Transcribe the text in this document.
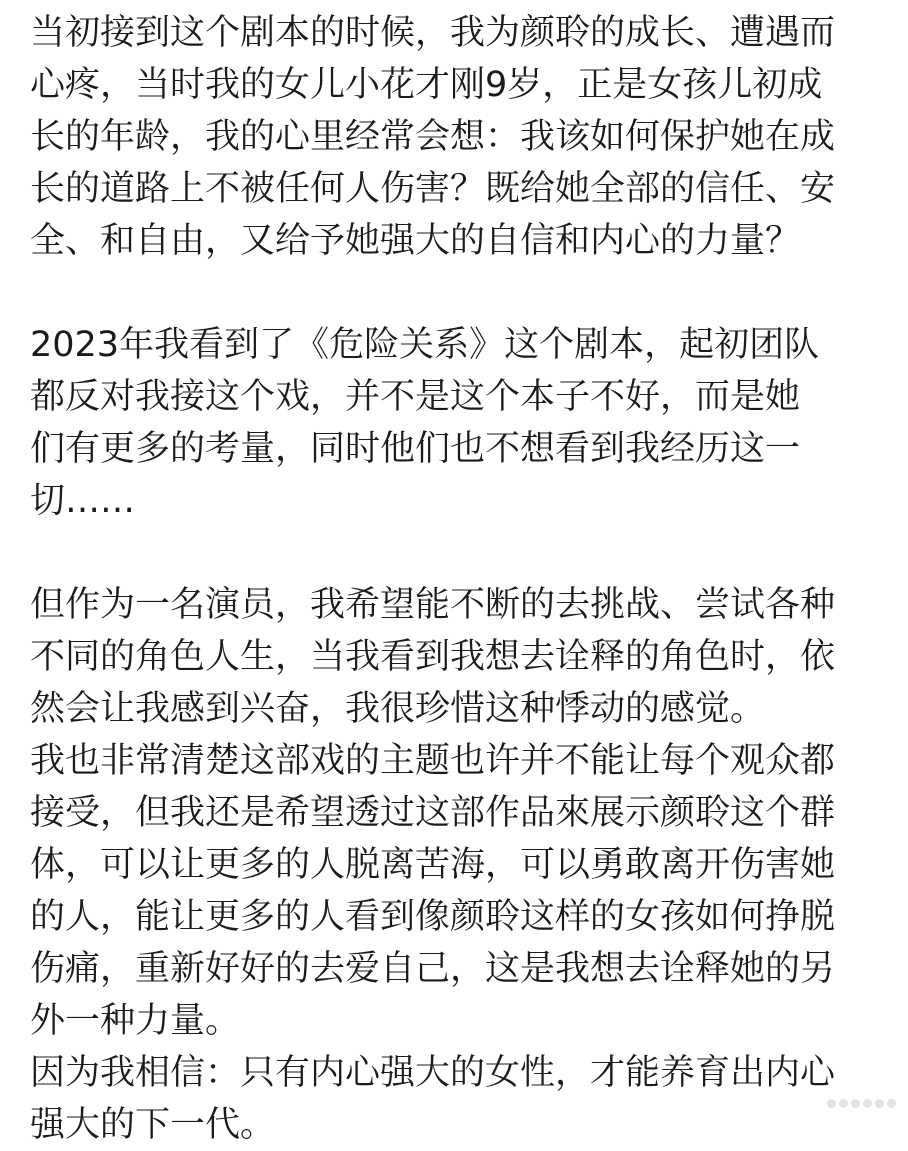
当初接到这个剧本的时候，我为颜聆的成长、遭遇而
心疼，当时我的女儿小花才刚9岁，正是女孩儿初成
长的年龄，我的心里经常会想：我该如何保护她在成
长的道路上不被任何人伤害？既给她全部的信任、安
全、和自由，又给予她强大的自信和内心的力量？
2023年我看到了《危险关系》这个剧本，起初团队
都反对我接这个戏，并不是这个本子不好，而是她
们有更多的考量，同时他们也不想看到我经历这一
切……
但作为一名演员，我希望能不断的去挑战、尝试各种
不同的角色人生，当我看到我想去诠释的角色时，依
然会让我感到兴奋，我很珍惜这种悸动的感觉。
我也非常清楚这部戏的主题也许并不能让每个观众都
接受，但我还是希望透过这部作品來展示颜聆这个群
体，可以让更多的人脱离苦海，可以勇敢离开伤害她
的人，能让更多的人看到像颜聆这样的女孩如何挣脱
伤痛，重新好好的去爱自己，这是我想去诠释她的另
外一种力量。
因为我相信：只有内心强大的女性，才能养育出内心
强大的下一代。
